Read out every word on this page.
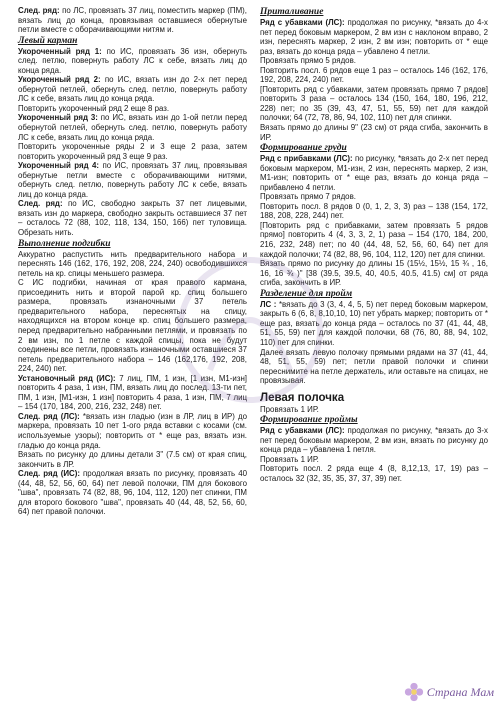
След. ряд: по ЛС, провязать 37 лиц, поместить маркер (ПМ), вязать лиц до конца, провязывая оставшиеся обернутые петли вместе с оборачивающими нитям и.

Левый карман

Укороченный ряд 1: по ИС, провязать 36 изн, обернуть след. петлю, повернуть работу ЛС к себе, вязать лиц до конца ряда.

Укороченный ряд 2: по ИС, вязать изн до 2-х пет перед обернутой петлей, обернуть след. петлю, повернуть работу ЛС к себе, вязать лиц до конца ряда.

Повторить укороченный ряд 2 еще 8 раз.

Укороченный ряд 3: по ИС, вязать изн до 1-ой петли перед обернутой петлей, обернуть след. петлю, повернуть работу ЛС к себе, вязать лиц до конца ряда.

Повторить укороченные ряды 2 и 3 еще 2 раза, затем повторить укороченный ряд 3 еще 9 раз.

Укороченный ряд 4: по ИС, провязать 37 лиц, провязывая обернутые петли вместе с оборачивающими нитями, обернуть след. петлю, повернуть работу ЛС к себе, вязать лиц до конца ряда.

След. ряд: по ИС, свободно закрыть 37 пет лицевыми, вязать изн до маркера, свободно закрыть оставшиеся 37 пет – осталось 72 (88, 102, 118, 134, 150, 166) пет туловища. Обрезать нить.

Выполнение подгибки

Аккуратно распустить нить предварительного набора и переснять 146 (162, 176, 192, 208, 224, 240) освободившихся петель на кр. спицы меньшего размера.

С ИС подгибки, начиная от края правого кармана, присоединить нить и второй парой кр. спиц большего размера, провязать изнаночными 37 петель предварительного набора, переснятых на спицу, находящихся на втором конце кр. спиц большего размера, перед предварительно набранными петлями, и провязать по 2 вм изн, по 1 петле с каждой спицы, пока не будут соединены все петли, провязать изнаночными оставшиеся 37 петель предварительного набора – 146 (162,176, 192, 208, 224, 240) пет.

Установочный ряд (ИС): 7 лиц, ПМ, 1 изн, [1 изн, М1-изн] повторить 4 раза, 1 изн, ПМ, вязать лиц до послед. 13-ти пет, ПМ, 1 изн, [М1-изн, 1 изн] повторить 4 раза, 1 изн, ПМ, 7 лиц – 154 (170, 184, 200, 216, 232, 248) пет.

След. ряд (ЛС): *вязать изн гладью (изн в ЛР, лиц в ИР) до маркера, провязать 10 пет 1-ого ряда вставки с косами (см. используемые узоры); повторить от * еще раз, вязать изн. гладью до конца ряда.

Вязать по рисунку до длины детали 3" (7.5 см) от края спиц, закончить в ЛР.

След. ряд (ИС): продолжая вязать по рисунку, провязать 40 (44, 48, 52, 56, 60, 64) пет левой полочки, ПМ для бокового "шва", провязать 74 (82, 88, 96, 104, 112, 120) пет спинки, ПМ для второго бокового "шва", провязать 40 (44, 48, 52, 56, 60, 64) пет правой полочки.

Приталивание

Ряд с убавками (ЛС): продолжая по рисунку, *вязать до 4-х пет перед боковым маркером, 2 вм изн с наклоном вправо, 2 изн, переснять маркер, 2 изн, 2 вм изн; повторить от * еще раз, вязать до конца ряда – убавлено 4 петли.

Провязать прямо 5 рядов.

Повторить посл. 6 рядов еще 1 раз – осталось 146 (162, 176, 192, 208, 224, 240) пет.

[Повторить ряд с убавками, затем провязать прямо 7 рядов] повторить 3 раза – осталось 134 (150, 164, 180, 196, 212, 228) пет; по 35 (39, 43, 47, 51, 55, 59) пет для каждой полочки; 64 (72, 78, 86, 94, 102, 110) пет для спинки.

Вязать прямо до длины 9" (23 см) от ряда сгиба, закончить в ИР.

Формирование груди

Ряд с прибавками (ЛС): по рисунку, *вязать до 2-х пет перед боковым маркером, М1-изн, 2 изн, переснять маркер, 2 изн, М1-изн; повторить от * еще раз, вязать до конца ряда – прибавлено 4 петли.

Провязать прямо 7 рядов.

Повторить посл. 8 рядов 0 (0, 1, 2, 3, 3) раз – 138 (154, 172, 188, 208, 228, 244) пет.

[Повторить ряд с прибавками, затем провязать 5 рядов прямо] повторить 4 (4, 3, 3, 2, 1) раза – 154 (170, 184, 200, 216, 232, 248) пет; по 40 (44, 48, 52, 56, 60, 64) пет для каждой полочки; 74 (82, 88, 96, 104, 112, 120) пет для спинки.

Вязать прямо по рисунку до длины 15 (15½, 15½, 15 ¾ , 16, 16, 16 ¾ )" [38 (39.5, 39.5, 40, 40.5, 40.5, 41.5) см] от ряда сгиба, закончить в ИР.

Разделение для пройм

ЛС : *вязать до 3 (3, 4, 4, 5, 5) пет перед боковым маркером, закрыть 6 (6, 8, 8,10,10, 10) пет убрать маркер; повторить от * еще раз, вязать до конца ряда – осталось по 37 (41, 44, 48, 51, 55, 59) пет для каждой полочки, 68 (76, 80, 88, 94, 102, 110) пет для спинки.

Далее вязать левую полочку прямыми рядами на 37 (41, 44, 48, 51, 55, 59) пет; петли правой полочки и спинки переснимите на петле держатель, или оставьте на спицах, не провязывая.

Левая полочка

Провязать 1 ИР.

Формирование проймы

Ряд с убавками (ЛС): продолжая по рисунку, *вязать до 3-х пет перед боковым маркером, 2 вм изн, вязать по рисунку до конца ряда – убавлена 1 петля.

Провязать 1 ИР.

Повторить посл. 2 ряда еще 4 (8, 8,12,13, 17, 19) раз – осталось 32 (32, 35, 35, 37, 37, 39) пет.

Страна Мам
